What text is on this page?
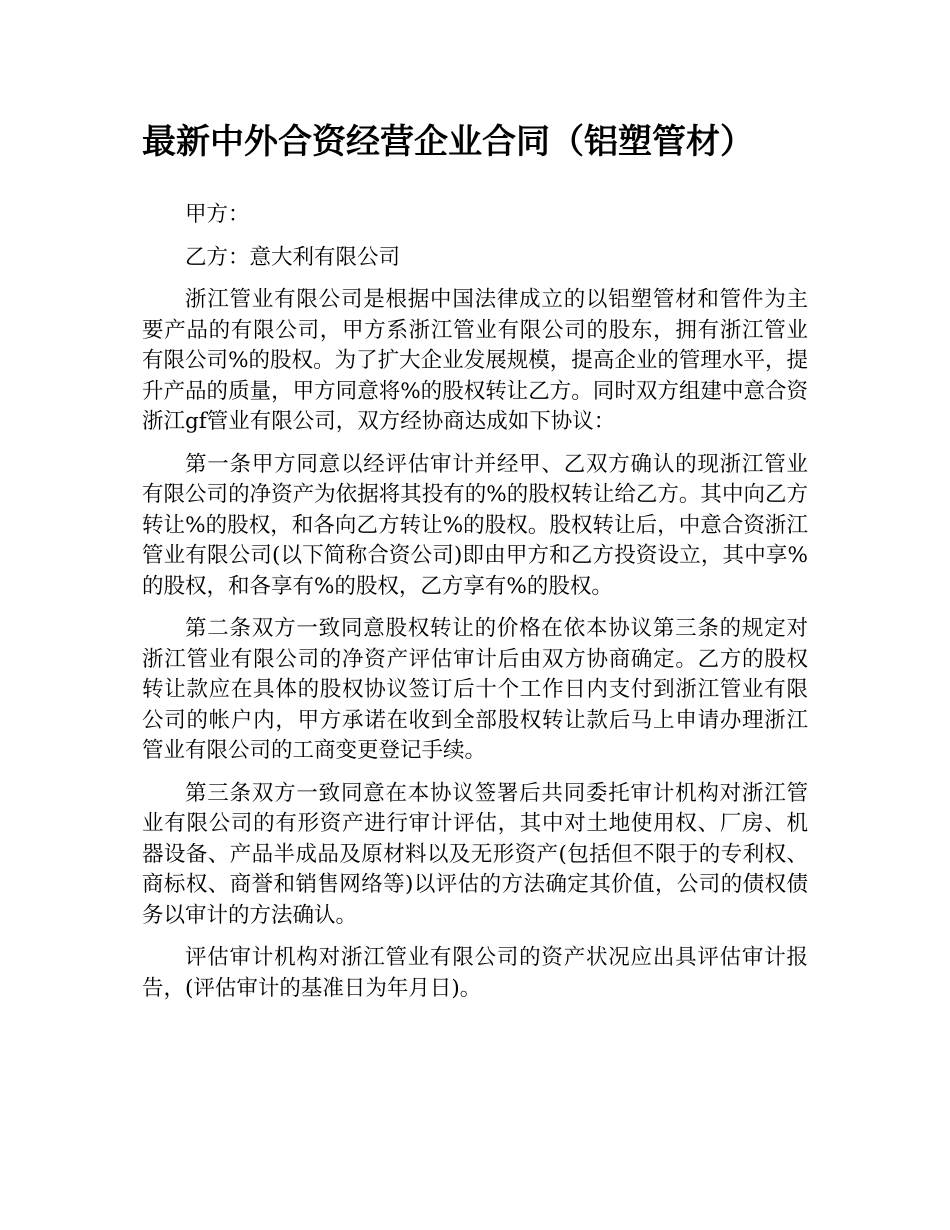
最新中外合资经营企业合同（铝塑管材）

甲方：

乙方：意大利有限公司

浙江管业有限公司是根据中国法律成立的以铝塑管材和管件为主要产品的有限公司，甲方系浙江管业有限公司的股东，拥有浙江管业有限公司%的股权。为了扩大企业发展规模，提高企业的管理水平，提升产品的质量，甲方同意将%的股权转让乙方。同时双方组建中意合资浙江gf管业有限公司，双方经协商达成如下协议：

第一条甲方同意以经评估审计并经甲、乙双方确认的现浙江管业有限公司的净资产为依据将其投有的%的股权转让给乙方。其中向乙方转让%的股权，和各向乙方转让%的股权。股权转让后，中意合资浙江管业有限公司(以下简称合资公司)即由甲方和乙方投资设立，其中享%的股权，和各享有%的股权，乙方享有%的股权。

第二条双方一致同意股权转让的价格在依本协议第三条的规定对浙江管业有限公司的净资产评估审计后由双方协商确定。乙方的股权转让款应在具体的股权协议签订后十个工作日内支付到浙江管业有限公司的帐户内，甲方承诺在收到全部股权转让款后马上申请办理浙江管业有限公司的工商变更登记手续。

第三条双方一致同意在本协议签署后共同委托审计机构对浙江管业有限公司的有形资产进行审计评估，其中对土地使用权、厂房、机器设备、产品半成品及原材料以及无形资产(包括但不限于的专利权、商标权、商誉和销售网络等)以评估的方法确定其价值，公司的债权债务以审计的方法确认。

评估审计机构对浙江管业有限公司的资产状况应出具评估审计报告，(评估审计的基准日为年月日)。
